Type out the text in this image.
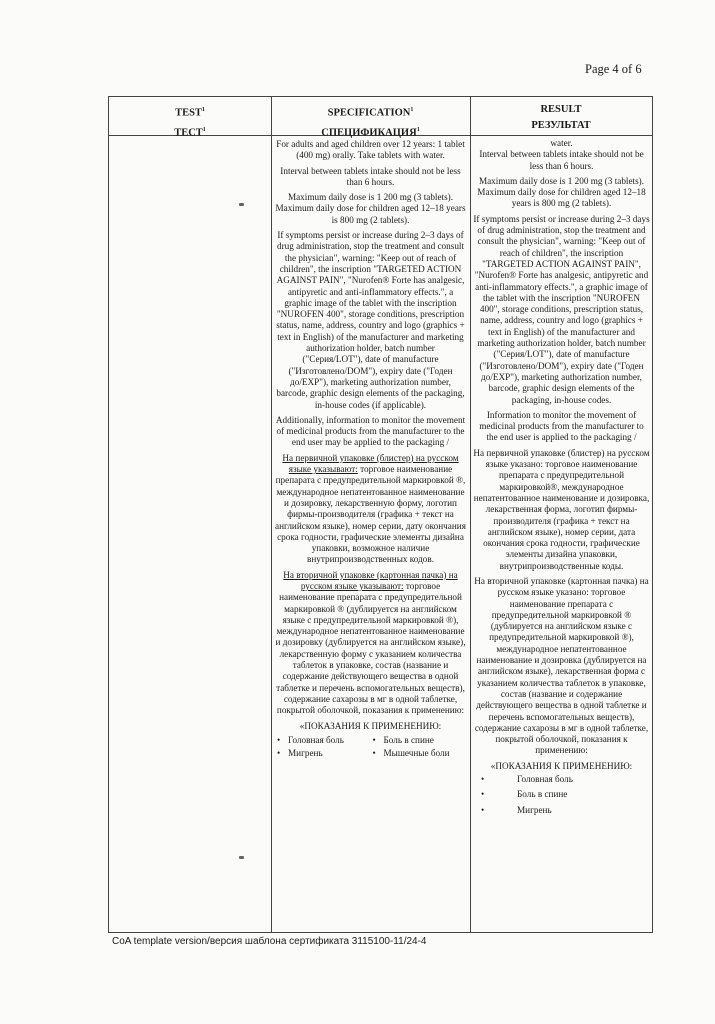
Page 4 of 6
TEST$^1$
ТЕСТ$^1$
SPECIFICATION$^1$
СПЕЦИФИКАЦИЯ$^1$
RESULT
РЕЗУЛЬТАТ

For adults and aged children over 12 years: 1 tablet (400 mg) orally. Take tablets with water.

Interval between tablets intake should not be less than 6 hours.

Maximum daily dose is 1 200 mg (3 tablets). Maximum daily dose for children aged 12–18 years is 800 mg (2 tablets).

If symptoms persist or increase during 2–3 days of drug administration, stop the treatment and consult the physician", warning: "Keep out of reach of children", the inscription "TARGETED ACTION AGAINST PAIN", "Nurofen® Forte has analgesic, antipyretic and anti-inflammatory effects.", a graphic image of the tablet with the inscription "NUROFEN 400", storage conditions, prescription status, name, address, country and logo (graphics + text in English) of the manufacturer and marketing authorization holder, batch number ("Серия/LOT"), date of manufacture ("Изготовлено/DOM"), expiry date ("Годен до/EXP"), marketing authorization number, barcode, graphic design elements of the packaging, in-house codes (if applicable).

Additionally, information to monitor the movement of medicinal products from the manufacturer to the end user may be applied to the packaging /

На первичной упаковке (блистер) на русском языке указывают: торговое наименование препарата с предупредительной маркировкой ®, международное непатентованное наименование и дозировку, лекарственную форму, логотип фирмы-производителя (графика + текст на английском языке), номер серии, дату окончания срока годности, графические элементы дизайна упаковки, возможное наличие внутрипроизводственных кодов.

На вторичной упаковке (картонная пачка) на русском языке указывают: торговое наименование препарата с предупредительной маркировкой ® (дублируется на английском языке с предупредительной маркировкой ®), международное непатентованное наименование и дозировку (дублируется на английском языке), лекарственную форму с указанием количества таблеток в упаковке, состав (название и содержание действующего вещества в одной таблетке и перечень вспомогательных веществ), содержание сахарозы в мг в одной таблетке, покрытой оболочкой, показания к применению:

«ПОКАЗАНИЯ К ПРИМЕНЕНИЮ:
• Головная боль	• Боль в спине
• Мигрень	• Мышечные боли

water.

Interval between tablets intake should not be less than 6 hours.

Maximum daily dose is 1 200 mg (3 tablets). Maximum daily dose for children aged 12–18 years is 800 mg (2 tablets).

If symptoms persist or increase during 2–3 days of drug administration, stop the treatment and consult the physician", warning: "Keep out of reach of children", the inscription "TARGETED ACTION AGAINST PAIN", "Nurofen® Forte has analgesic, antipyretic and anti-inflammatory effects.", a graphic image of the tablet with the inscription "NUROFEN 400", storage conditions, prescription status, name, address, country and logo (graphics + text in English) of the manufacturer and marketing authorization holder, batch number ("Серия/LOT"), date of manufacture ("Изготовлено/DOM"), expiry date ("Годен до/EXP"), marketing authorization number, barcode, graphic design elements of the packaging, in-house codes.

Information to monitor the movement of medicinal products from the manufacturer to the end user is applied to the packaging /

На первичной упаковке (блистер) на русском языке указано: торговое наименование препарата с предупредительной маркировкой®, международное непатентованное наименование и дозировка, лекарственная форма, логотип фирмы-производителя (графика + текст на английском языке), номер серии, дата окончания срока годности, графические элементы дизайна упаковки, внутрипроизводственные коды.

На вторичной упаковке (картонная пачка) на русском языке указано: торговое наименование препарата с предупредительной маркировкой ® (дублируется на английском языке с предупредительной маркировкой ®), международное непатентованное наименование и дозировка (дублируется на английском языке), лекарственная форма с указанием количества таблеток в упаковке, состав (название и содержание действующего вещества в одной таблетке и перечень вспомогательных веществ), содержание сахарозы в мг в одной таблетке, покрытой оболочкой, показания к применению:

«ПОКАЗАНИЯ К ПРИМЕНЕНИЮ:
• Головная боль
• Боль в спине
• Мигрень
CoA template version/версия шаблона сертификата 3115100-11/24-4
